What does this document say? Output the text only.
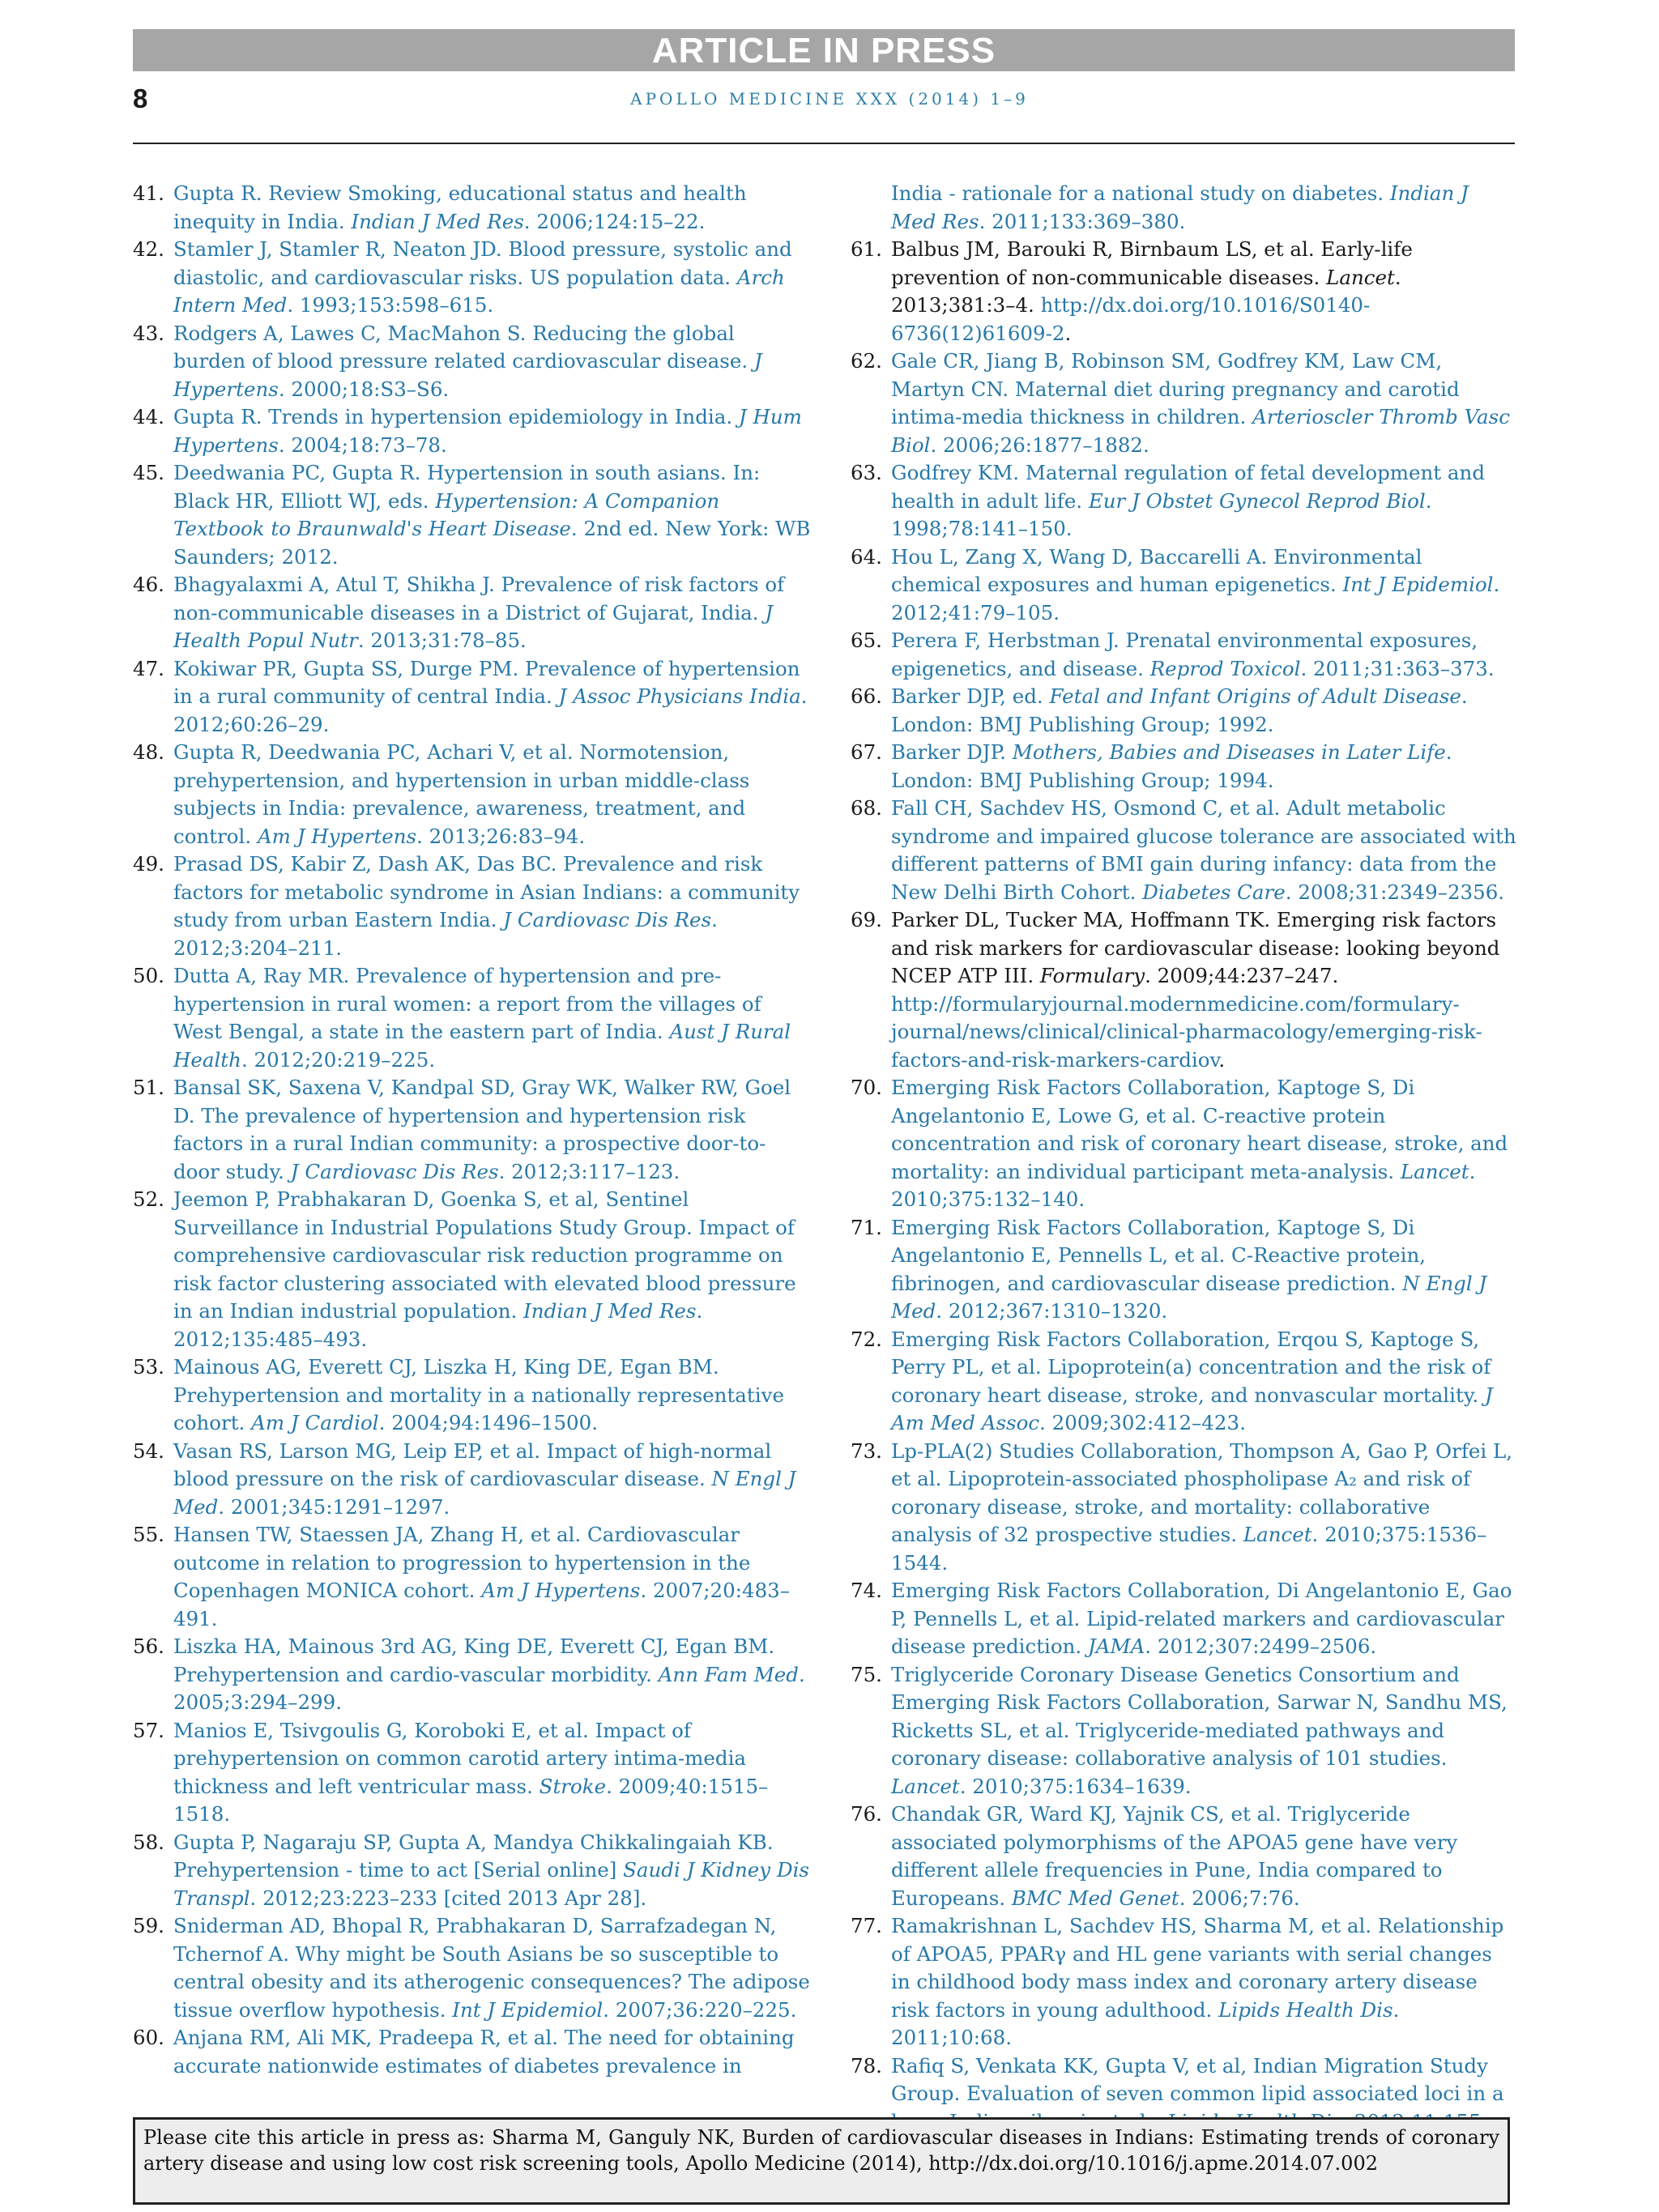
ARTICLE IN PRESS
8	APOLLO MEDICINE XXX (2014) 1–9
41. Gupta R. Review Smoking, educational status and health inequity in India. Indian J Med Res. 2006;124:15–22.
42. Stamler J, Stamler R, Neaton JD. Blood pressure, systolic and diastolic, and cardiovascular risks. US population data. Arch Intern Med. 1993;153:598–615.
43. Rodgers A, Lawes C, MacMahon S. Reducing the global burden of blood pressure related cardiovascular disease. J Hypertens. 2000;18:S3–S6.
44. Gupta R. Trends in hypertension epidemiology in India. J Hum Hypertens. 2004;18:73–78.
45. Deedwania PC, Gupta R. Hypertension in south asians. In: Black HR, Elliott WJ, eds. Hypertension: A Companion Textbook to Braunwald's Heart Disease. 2nd ed. New York: WB Saunders; 2012.
46. Bhagyalaxmi A, Atul T, Shikha J. Prevalence of risk factors of non-communicable diseases in a District of Gujarat, India. J Health Popul Nutr. 2013;31:78–85.
47. Kokiwar PR, Gupta SS, Durge PM. Prevalence of hypertension in a rural community of central India. J Assoc Physicians India. 2012;60:26–29.
48. Gupta R, Deedwania PC, Achari V, et al. Normotension, prehypertension, and hypertension in urban middle-class subjects in India: prevalence, awareness, treatment, and control. Am J Hypertens. 2013;26:83–94.
49. Prasad DS, Kabir Z, Dash AK, Das BC. Prevalence and risk factors for metabolic syndrome in Asian Indians: a community study from urban Eastern India. J Cardiovasc Dis Res. 2012;3:204–211.
50. Dutta A, Ray MR. Prevalence of hypertension and pre-hypertension in rural women: a report from the villages of West Bengal, a state in the eastern part of India. Aust J Rural Health. 2012;20:219–225.
51. Bansal SK, Saxena V, Kandpal SD, Gray WK, Walker RW, Goel D. The prevalence of hypertension and hypertension risk factors in a rural Indian community: a prospective door-to-door study. J Cardiovasc Dis Res. 2012;3:117–123.
52. Jeemon P, Prabhakaran D, Goenka S, et al, Sentinel Surveillance in Industrial Populations Study Group. Impact of comprehensive cardiovascular risk reduction programme on risk factor clustering associated with elevated blood pressure in an Indian industrial population. Indian J Med Res. 2012;135:485–493.
53. Mainous AG, Everett CJ, Liszka H, King DE, Egan BM. Prehypertension and mortality in a nationally representative cohort. Am J Cardiol. 2004;94:1496–1500.
54. Vasan RS, Larson MG, Leip EP, et al. Impact of high-normal blood pressure on the risk of cardiovascular disease. N Engl J Med. 2001;345:1291–1297.
55. Hansen TW, Staessen JA, Zhang H, et al. Cardiovascular outcome in relation to progression to hypertension in the Copenhagen MONICA cohort. Am J Hypertens. 2007;20:483–491.
56. Liszka HA, Mainous 3rd AG, King DE, Everett CJ, Egan BM. Prehypertension and cardio-vascular morbidity. Ann Fam Med. 2005;3:294–299.
57. Manios E, Tsivgoulis G, Koroboki E, et al. Impact of prehypertension on common carotid artery intima-media thickness and left ventricular mass. Stroke. 2009;40:1515–1518.
58. Gupta P, Nagaraju SP, Gupta A, Mandya Chikkalingaiah KB. Prehypertension - time to act [Serial online] Saudi J Kidney Dis Transpl. 2012;23:223–233 [cited 2013 Apr 28].
59. Sniderman AD, Bhopal R, Prabhakaran D, Sarrafzadegan N, Tchernof A. Why might be South Asians be so susceptible to central obesity and its atherogenic consequences? The adipose tissue overflow hypothesis. Int J Epidemiol. 2007;36:220–225.
60. Anjana RM, Ali MK, Pradeepa R, et al. The need for obtaining accurate nationwide estimates of diabetes prevalence in
India - rationale for a national study on diabetes. Indian J Med Res. 2011;133:369–380.
61. Balbus JM, Barouki R, Birnbaum LS, et al. Early-life prevention of non-communicable diseases. Lancet. 2013;381:3–4. http://dx.doi.org/10.1016/S0140-6736(12)61609-2.
62. Gale CR, Jiang B, Robinson SM, Godfrey KM, Law CM, Martyn CN. Maternal diet during pregnancy and carotid intima-media thickness in children. Arterioscler Thromb Vasc Biol. 2006;26:1877–1882.
63. Godfrey KM. Maternal regulation of fetal development and health in adult life. Eur J Obstet Gynecol Reprod Biol. 1998;78:141–150.
64. Hou L, Zang X, Wang D, Baccarelli A. Environmental chemical exposures and human epigenetics. Int J Epidemiol. 2012;41:79–105.
65. Perera F, Herbstman J. Prenatal environmental exposures, epigenetics, and disease. Reprod Toxicol. 2011;31:363–373.
66. Barker DJP, ed. Fetal and Infant Origins of Adult Disease. London: BMJ Publishing Group; 1992.
67. Barker DJP. Mothers, Babies and Diseases in Later Life. London: BMJ Publishing Group; 1994.
68. Fall CH, Sachdev HS, Osmond C, et al. Adult metabolic syndrome and impaired glucose tolerance are associated with different patterns of BMI gain during infancy: data from the New Delhi Birth Cohort. Diabetes Care. 2008;31:2349–2356.
69. Parker DL, Tucker MA, Hoffmann TK. Emerging risk factors and risk markers for cardiovascular disease: looking beyond NCEP ATP III. Formulary. 2009;44:237–247. http://formularyjournal.modernmedicine.com/formulary-journal/news/clinical/clinical-pharmacology/emerging-risk-factors-and-risk-markers-cardiov.
70. Emerging Risk Factors Collaboration, Kaptoge S, Di Angelantonio E, Lowe G, et al. C-reactive protein concentration and risk of coronary heart disease, stroke, and mortality: an individual participant meta-analysis. Lancet. 2010;375:132–140.
71. Emerging Risk Factors Collaboration, Kaptoge S, Di Angelantonio E, Pennells L, et al. C-Reactive protein, fibrinogen, and cardiovascular disease prediction. N Engl J Med. 2012;367:1310–1320.
72. Emerging Risk Factors Collaboration, Erqou S, Kaptoge S, Perry PL, et al. Lipoprotein(a) concentration and the risk of coronary heart disease, stroke, and nonvascular mortality. J Am Med Assoc. 2009;302:412–423.
73. Lp-PLA(2) Studies Collaboration, Thompson A, Gao P, Orfei L, et al. Lipoprotein-associated phospholipase A₂ and risk of coronary disease, stroke, and mortality: collaborative analysis of 32 prospective studies. Lancet. 2010;375:1536–1544.
74. Emerging Risk Factors Collaboration, Di Angelantonio E, Gao P, Pennells L, et al. Lipid-related markers and cardiovascular disease prediction. JAMA. 2012;307:2499–2506.
75. Triglyceride Coronary Disease Genetics Consortium and Emerging Risk Factors Collaboration, Sarwar N, Sandhu MS, Ricketts SL, et al. Triglyceride-mediated pathways and coronary disease: collaborative analysis of 101 studies. Lancet. 2010;375:1634–1639.
76. Chandak GR, Ward KJ, Yajnik CS, et al. Triglyceride associated polymorphisms of the APOA5 gene have very different allele frequencies in Pune, India compared to Europeans. BMC Med Genet. 2006;7:76.
77. Ramakrishnan L, Sachdev HS, Sharma M, et al. Relationship of APOA5, PPARγ and HL gene variants with serial changes in childhood body mass index and coronary artery disease risk factors in young adulthood. Lipids Health Dis. 2011;10:68.
78. Rafiq S, Venkata KK, Gupta V, et al, Indian Migration Study Group. Evaluation of seven common lipid associated loci in a
Please cite this article in press as: Sharma M, Ganguly NK, Burden of cardiovascular diseases in Indians: Estimating trends of coronary artery disease and using low cost risk screening tools, Apollo Medicine (2014), http://dx.doi.org/10.1016/j.apme.2014.07.002
